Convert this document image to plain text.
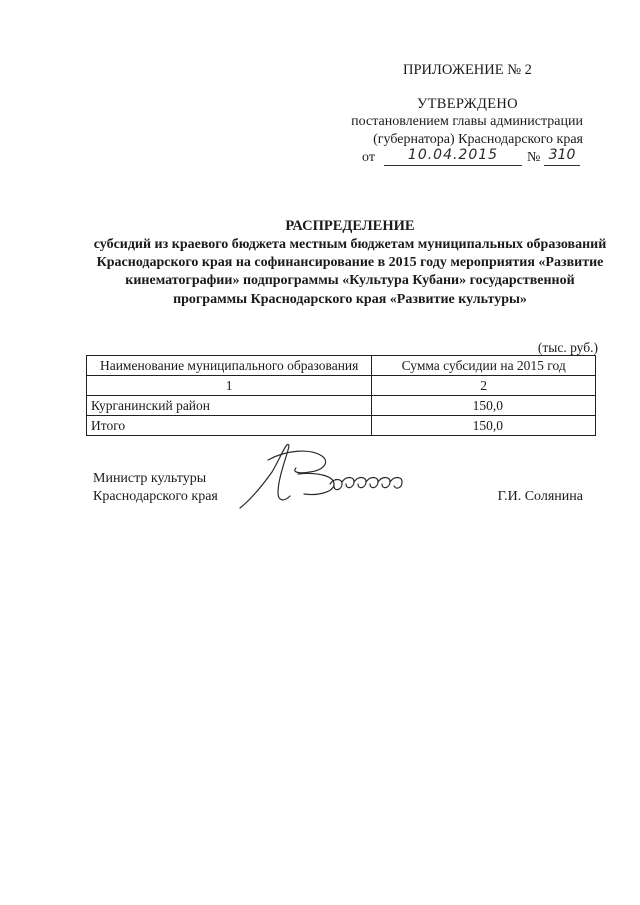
ПРИЛОЖЕНИЕ № 2
УТВЕРЖДЕНО
постановлением главы администрации
(губернатора) Краснодарского края
от	10.04.2015	№ 310
РАСПРЕДЕЛЕНИЕ
субсидий из краевого бюджета местным бюджетам муниципальных образований Краснодарского края на софинансирование в 2015 году мероприятия «Развитие кинематографии» подпрограммы «Культура Кубани» государственной программы Краснодарского края «Развитие культуры»
(тыс. руб.)
Наименование муниципального образования	Сумма субсидии на 2015 год
1	2
Курганинский район	150,0
Итого	150,0
Министр культуры
Краснодарского края	Г.И. Солянина
